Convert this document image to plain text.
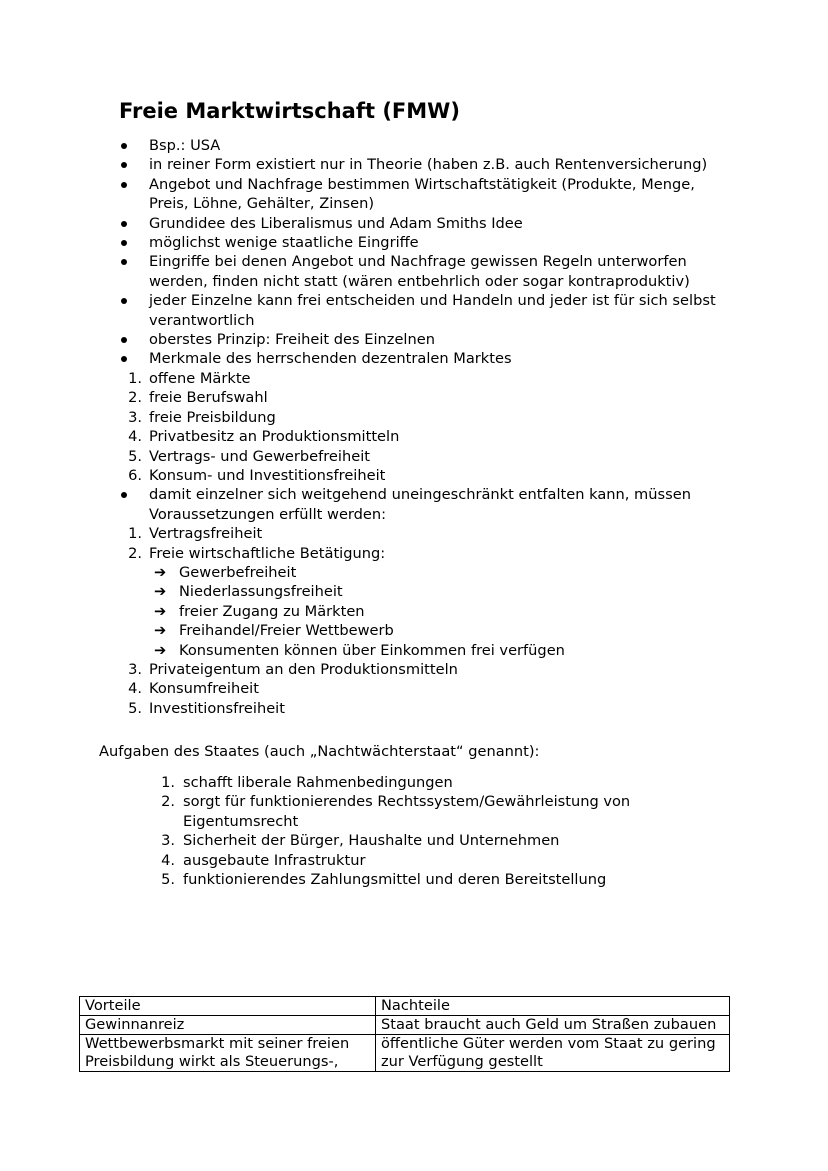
Freie Marktwirtschaft (FMW)
Bsp.: USA
in reiner Form existiert nur in Theorie (haben z.B. auch Rentenversicherung)
Angebot und Nachfrage bestimmen Wirtschaftstätigkeit (Produkte, Menge, Preis, Löhne, Gehälter, Zinsen)
Grundidee des Liberalismus und Adam Smiths Idee
möglichst wenige staatliche Eingriffe
Eingriffe bei denen Angebot und Nachfrage gewissen Regeln unterworfen werden, finden nicht statt (wären entbehrlich oder sogar kontraproduktiv)
jeder Einzelne kann frei entscheiden und Handeln und jeder ist für sich selbst verantwortlich
oberstes Prinzip: Freiheit des Einzelnen
Merkmale des herrschenden dezentralen Marktes
1. offene Märkte
2. freie Berufswahl
3. freie Preisbildung
4. Privatbesitz an Produktionsmitteln
5. Vertrags- und Gewerbefreiheit
6. Konsum- und Investitionsfreiheit
damit einzelner sich weitgehend uneingeschränkt entfalten kann, müssen Voraussetzungen erfüllt werden:
1. Vertragsfreiheit
2. Freie wirtschaftliche Betätigung:
➔ Gewerbefreiheit
➔ Niederlassungsfreiheit
➔ freier Zugang zu Märkten
➔ Freihandel/Freier Wettbewerb
➔ Konsumenten können über Einkommen frei verfügen
3. Privateigentum an den Produktionsmitteln
4. Konsumfreiheit
5. Investitionsfreiheit
Aufgaben des Staates (auch „Nachtwächterstaat“ genannt):
1. schafft liberale Rahmenbedingungen
2. sorgt für funktionierendes Rechtssystem/Gewährleistung von Eigentumsrecht
3. Sicherheit der Bürger, Haushalte und Unternehmen
4. ausgebaute Infrastruktur
5. funktionierendes Zahlungsmittel und deren Bereitstellung
Vorteile	Nachteile
Gewinnanreiz	Staat braucht auch Geld um Straßen zubauen
Wettbewerbsmarkt mit seiner freien Preisbildung wirkt als Steuerungs-,	öffentliche Güter werden vom Staat zu gering zur Verfügung gestellt
